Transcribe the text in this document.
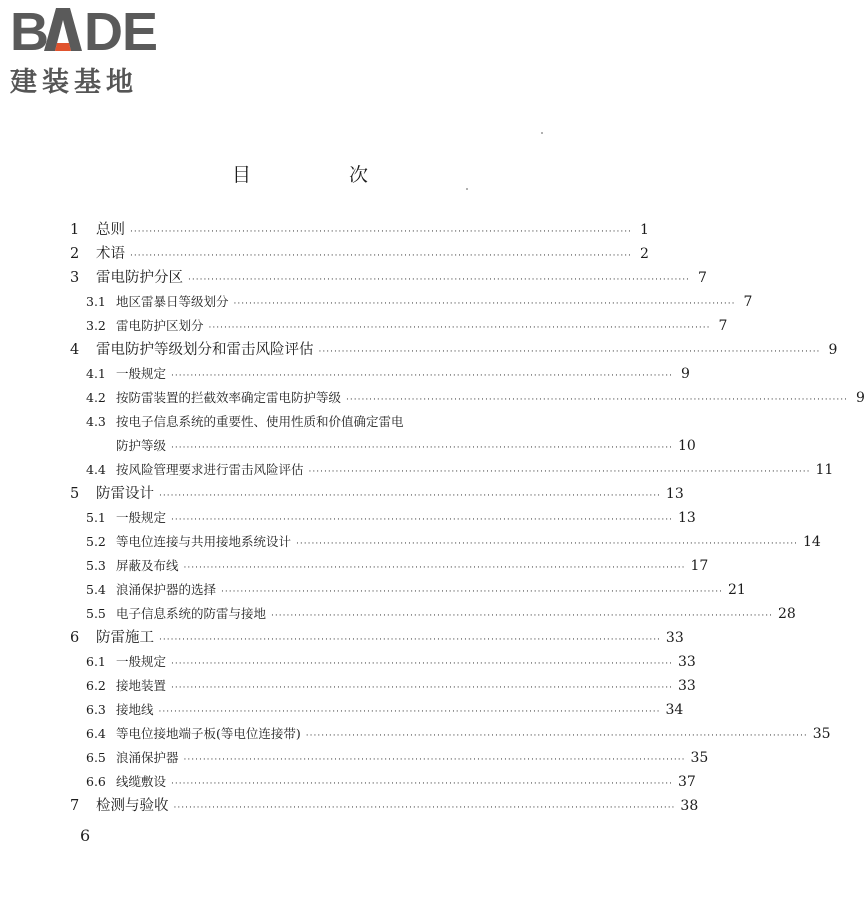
B DE
建装基地
目 次
1	总则 ·································································································································· 1
2	术语 ·································································································································· 2
3	雷电防护分区 ·································································································································· 7
3.1 地区雷暴日等级划分 ·································································································································· 7
3.2 雷电防护区划分 ·································································································································· 7
4	雷电防护等级划分和雷击风险评估 ·································································································································· 9
4.1 一般规定 ·································································································································· 9
4.2 按防雷装置的拦截效率确定雷电防护等级 ·································································································································· 9
4.3 按电子信息系统的重要性、使用性质和价值确定雷电
防护等级 ·································································································································· 10
4.4 按风险管理要求进行雷击风险评估 ·································································································································· 11
5	防雷设计 ·································································································································· 13
5.1 一般规定 ·································································································································· 13
5.2 等电位连接与共用接地系统设计 ·································································································································· 14
5.3 屏蔽及布线 ·································································································································· 17
5.4 浪涌保护器的选择 ·································································································································· 21
5.5 电子信息系统的防雷与接地 ·································································································································· 28
6	防雷施工 ·································································································································· 33
6.1 一般规定 ·································································································································· 33
6.2 接地装置 ·································································································································· 33
6.3 接地线 ·································································································································· 34
6.4 等电位接地端子板(等电位连接带) ·································································································································· 35
6.5 浪涌保护器 ·································································································································· 35
6.6 线缆敷设 ·································································································································· 37
7	检测与验收 ·································································································································· 38
6
